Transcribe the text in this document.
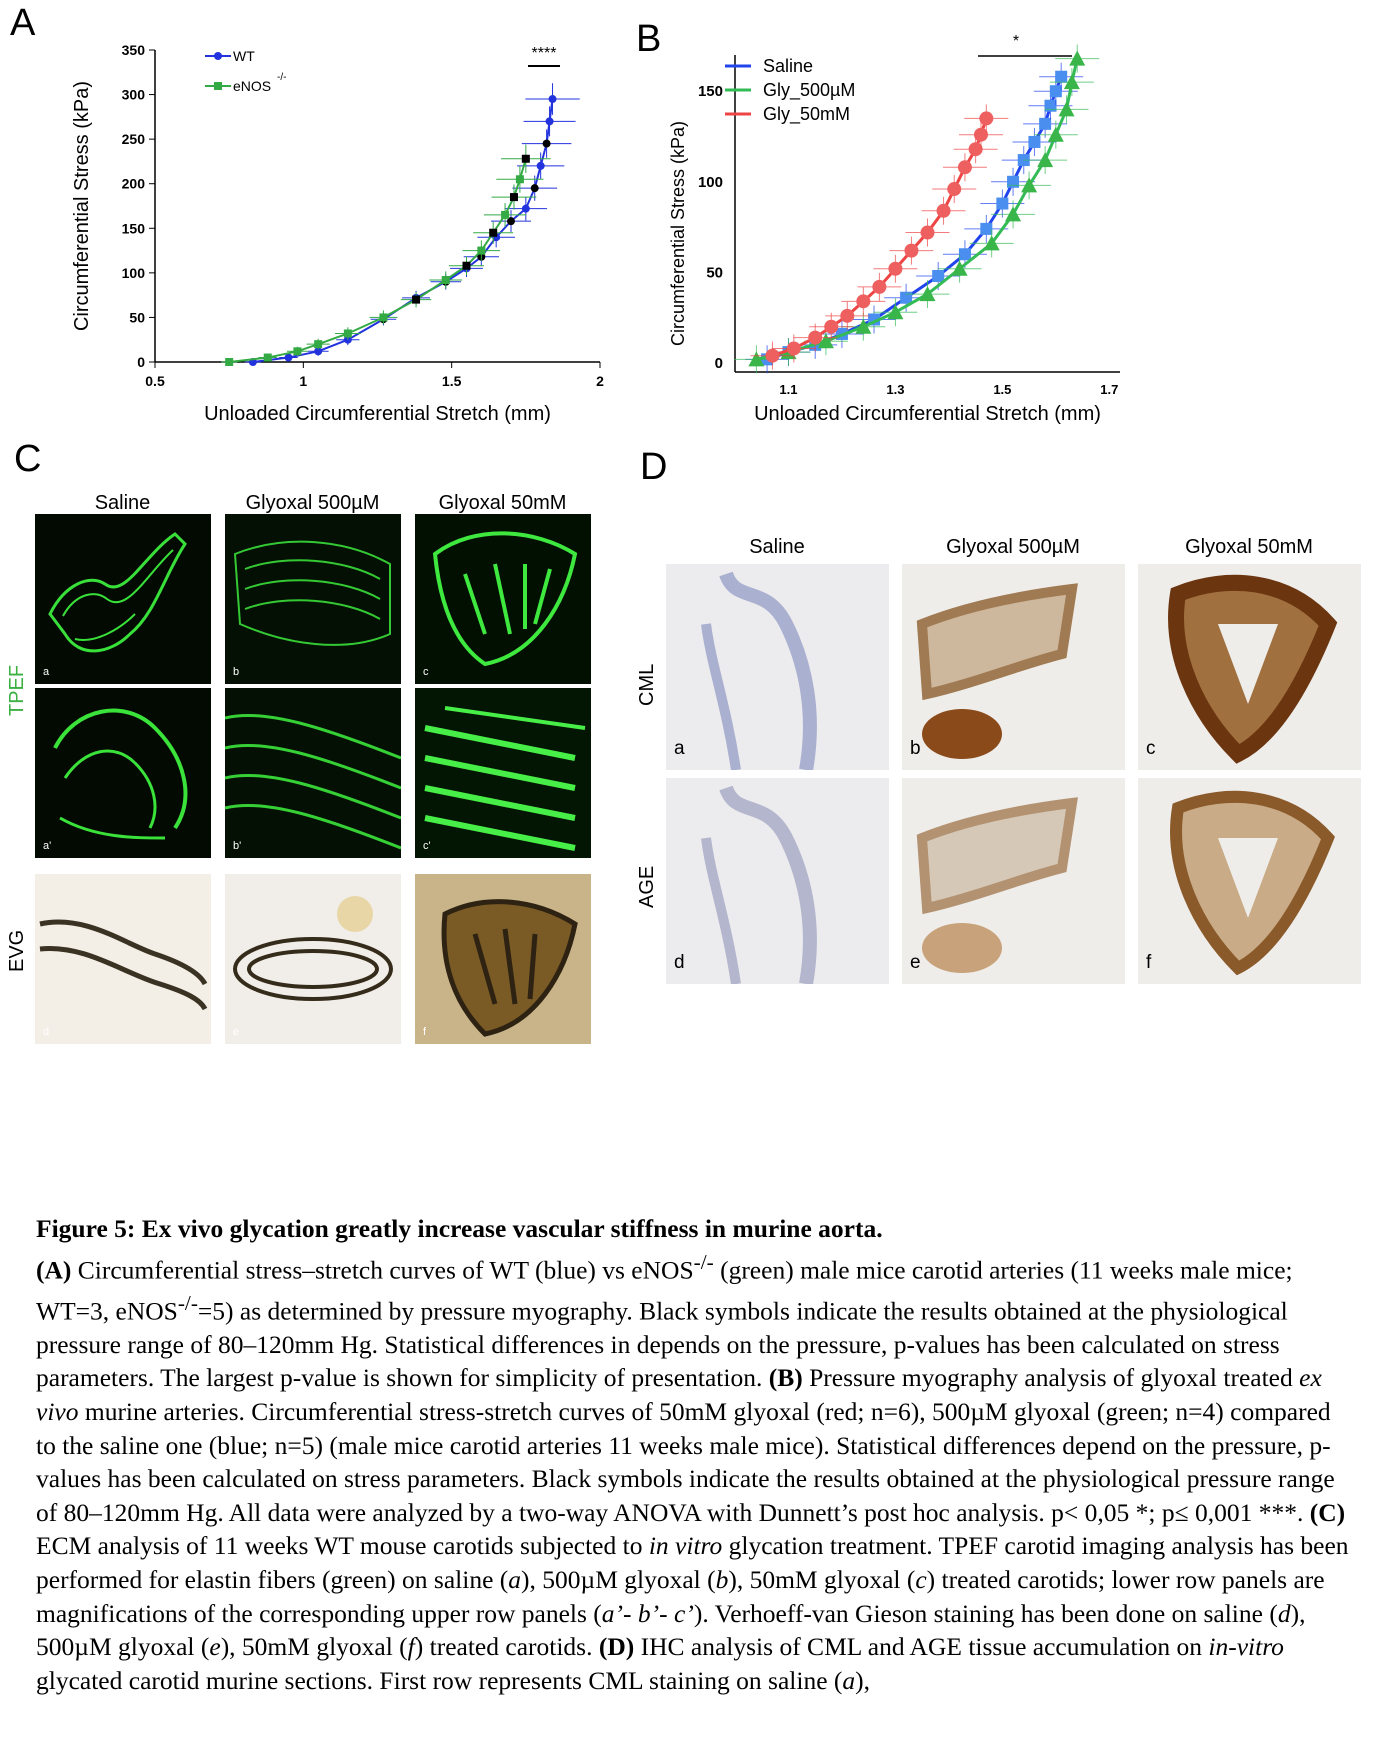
A	B
C	D
0
50
100
150
200
250
300
350
0.5	1	1.5	2
Unloaded Circumferential Stretch (mm)
Circumferential Stress (kPa)
WT
eNOS
-/-
****
0
50
100
150
1.1	1.3	1.5	1.7
Unloaded Circumferential Stretch (mm)
Circumferential Stress (kPa)
Saline
Gly_500µM
Gly_50mM
*
Saline	Glyoxal 500µM	Glyoxal 50mM
TPEF
EVG
a	b	c
a'	b'	c'
d	e	f
Saline	Glyoxal 500µM	Glyoxal 50mM
CML
AGE
a	b	c
d	e	f

Figure 5: Ex vivo glycation greatly increase vascular stiffness in murine aorta.

(A) Circumferential stress–stretch curves of WT (blue) vs eNOS-/- (green) male mice carotid arteries (11 weeks male mice; WT=3, eNOS-/-=5) as determined by pressure myography. Black symbols indicate the results obtained at the physiological pressure range of 80–120mm Hg. Statistical differences in depends on the pressure, p-values has been calculated on stress parameters. The largest p-value is shown for simplicity of presentation. (B) Pressure myography analysis of glyoxal treated ex vivo murine arteries. Circumferential stress-stretch curves of 50mM glyoxal (red; n=6), 500µM glyoxal (green; n=4) compared to the saline one (blue; n=5) (male mice carotid arteries 11 weeks male mice). Statistical differences depend on the pressure, p-values has been calculated on stress parameters. Black symbols indicate the results obtained at the physiological pressure range of 80–120mm Hg. All data were analyzed by a two-way ANOVA with Dunnett’s post hoc analysis. p< 0,05 *; p≤ 0,001 ***. (C) ECM analysis of 11 weeks WT mouse carotids subjected to in vitro glycation treatment. TPEF carotid imaging analysis has been performed for elastin fibers (green) on saline (a), 500µM glyoxal (b), 50mM glyoxal (c) treated carotids; lower row panels are magnifications of the corresponding upper row panels (a’- b’- c’). Verhoeff-van Gieson staining has been done on saline (d), 500µM glyoxal (e), 50mM glyoxal (f) treated carotids. (D) IHC analysis of CML and AGE tissue accumulation on in-vitro glycated carotid murine sections. First row represents CML staining on saline (a),
